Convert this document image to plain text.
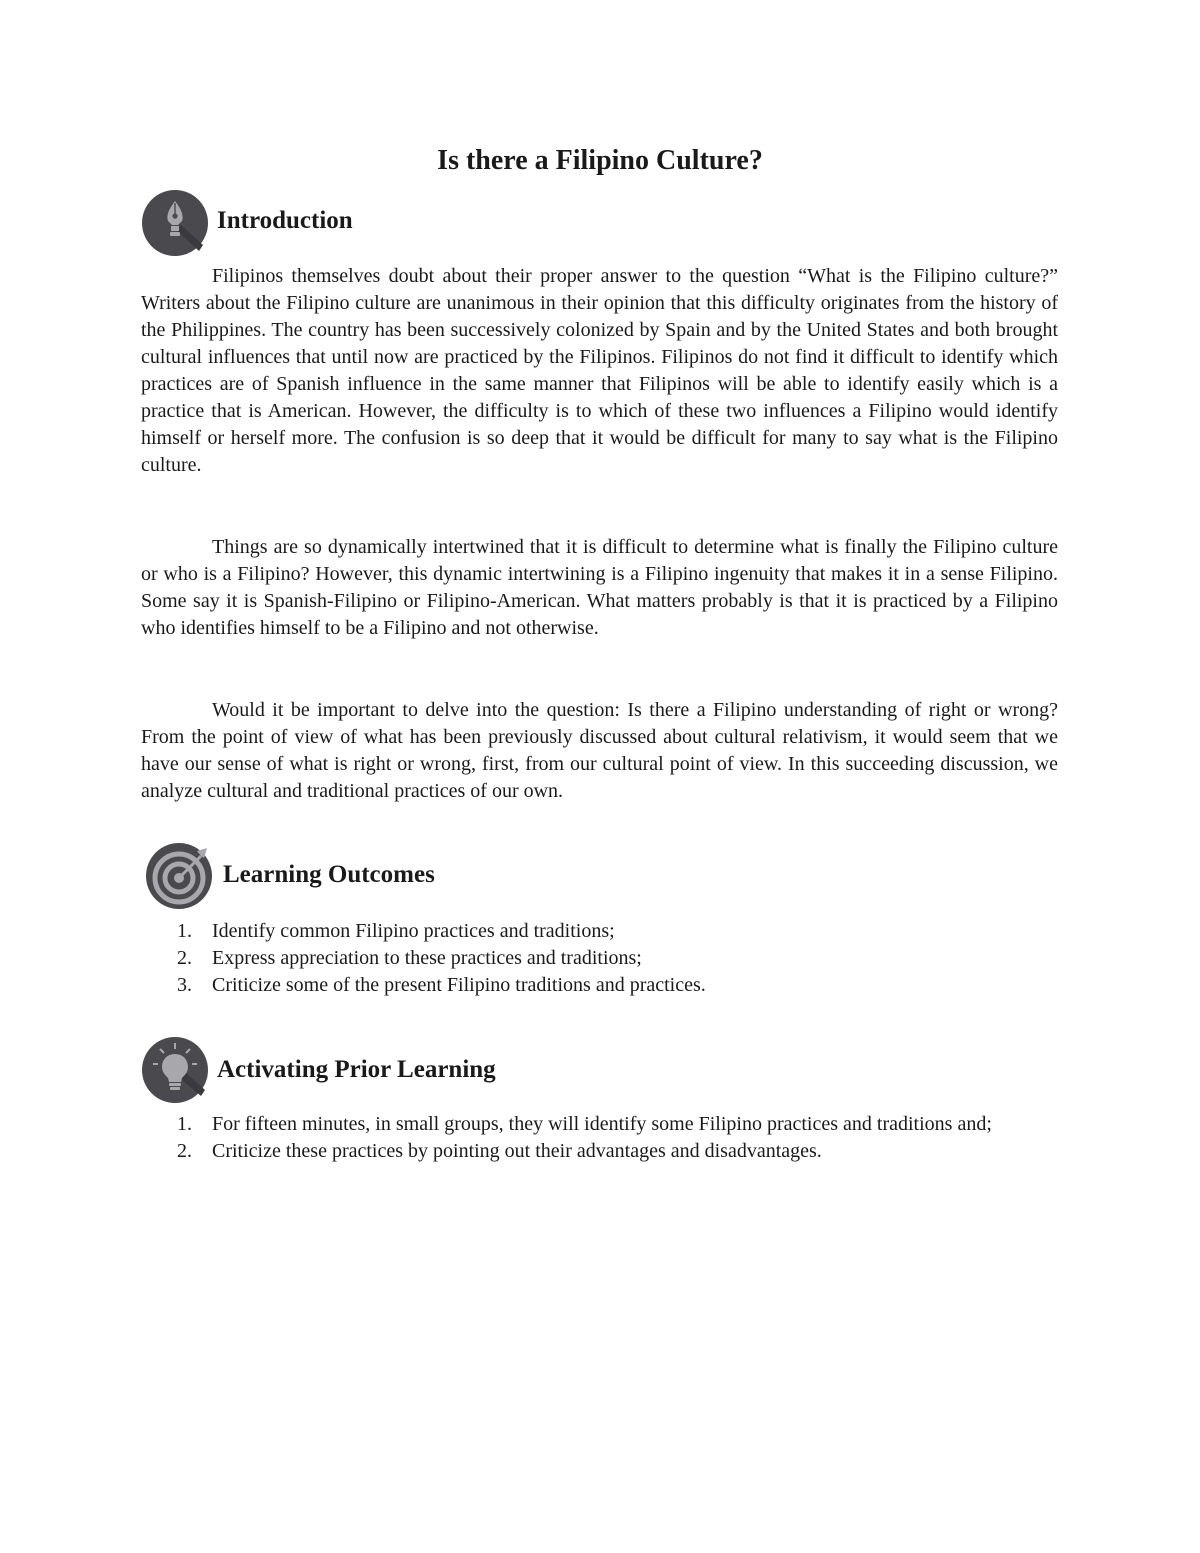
Is there a Filipino Culture?
Introduction

Filipinos themselves doubt about their proper answer to the question “What is the Filipino culture?” Writers about the Filipino culture are unanimous in their opinion that this difficulty originates from the history of the Philippines. The country has been successively colonized by Spain and by the United States and both brought cultural influences that until now are practiced by the Filipinos. Filipinos do not find it difficult to identify which practices are of Spanish influence in the same manner that Filipinos will be able to identify easily which is a practice that is American. However, the difficulty is to which of these two influences a Filipino would identify himself or herself more. The confusion is so deep that it would be difficult for many to say what is the Filipino culture.

Things are so dynamically intertwined that it is difficult to determine what is finally the Filipino culture or who is a Filipino? However, this dynamic intertwining is a Filipino ingenuity that makes it in a sense Filipino. Some say it is Spanish-Filipino or Filipino-American. What matters probably is that it is practiced by a Filipino who identifies himself to be a Filipino and not otherwise.

Would it be important to delve into the question: Is there a Filipino understanding of right or wrong? From the point of view of what has been previously discussed about cultural relativism, it would seem that we have our sense of what is right or wrong, first, from our cultural point of view. In this succeeding discussion, we analyze cultural and traditional practices of our own.

Learning Outcomes
1. Identify common Filipino practices and traditions;
2. Express appreciation to these practices and traditions;
3. Criticize some of the present Filipino traditions and practices.
Activating Prior Learning
1. For fifteen minutes, in small groups, they will identify some Filipino practices and traditions and;
2. Criticize these practices by pointing out their advantages and disadvantages.
